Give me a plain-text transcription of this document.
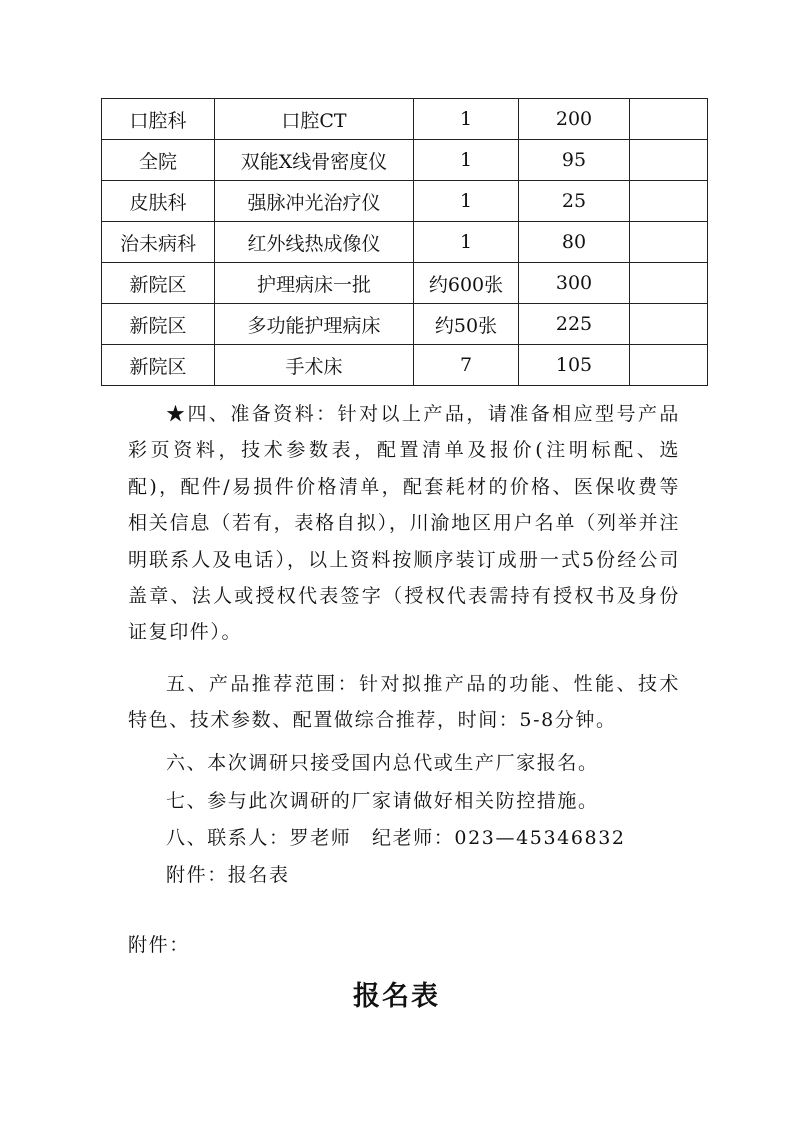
口腔科	口腔CT	1	200	
全院	双能X线骨密度仪	1	95	
皮肤科	强脉冲光治疗仪	1	25	
治未病科	红外线热成像仪	1	80	
新院区	护理病床一批	约600张	300	
新院区	多功能护理病床	约50张	225	
新院区	手术床	7	105	

★四、准备资料：针对以上产品，请准备相应型号产品彩页资料，技术参数表，配置清单及报价(注明标配、选配)，配件/易损件价格清单，配套耗材的价格、医保收费等相关信息（若有，表格自拟），川渝地区用户名单（列举并注明联系人及电话），以上资料按顺序装订成册一式5份经公司盖章、法人或授权代表签字（授权代表需持有授权书及身份证复印件）。

五、产品推荐范围：针对拟推产品的功能、性能、技术特色、技术参数、配置做综合推荐，时间：5-8分钟。

六、本次调研只接受国内总代或生产厂家报名。

七、参与此次调研的厂家请做好相关防控措施。

八、联系人：罗老师　纪老师：023—45346832

附件：报名表

附件：

报名表
